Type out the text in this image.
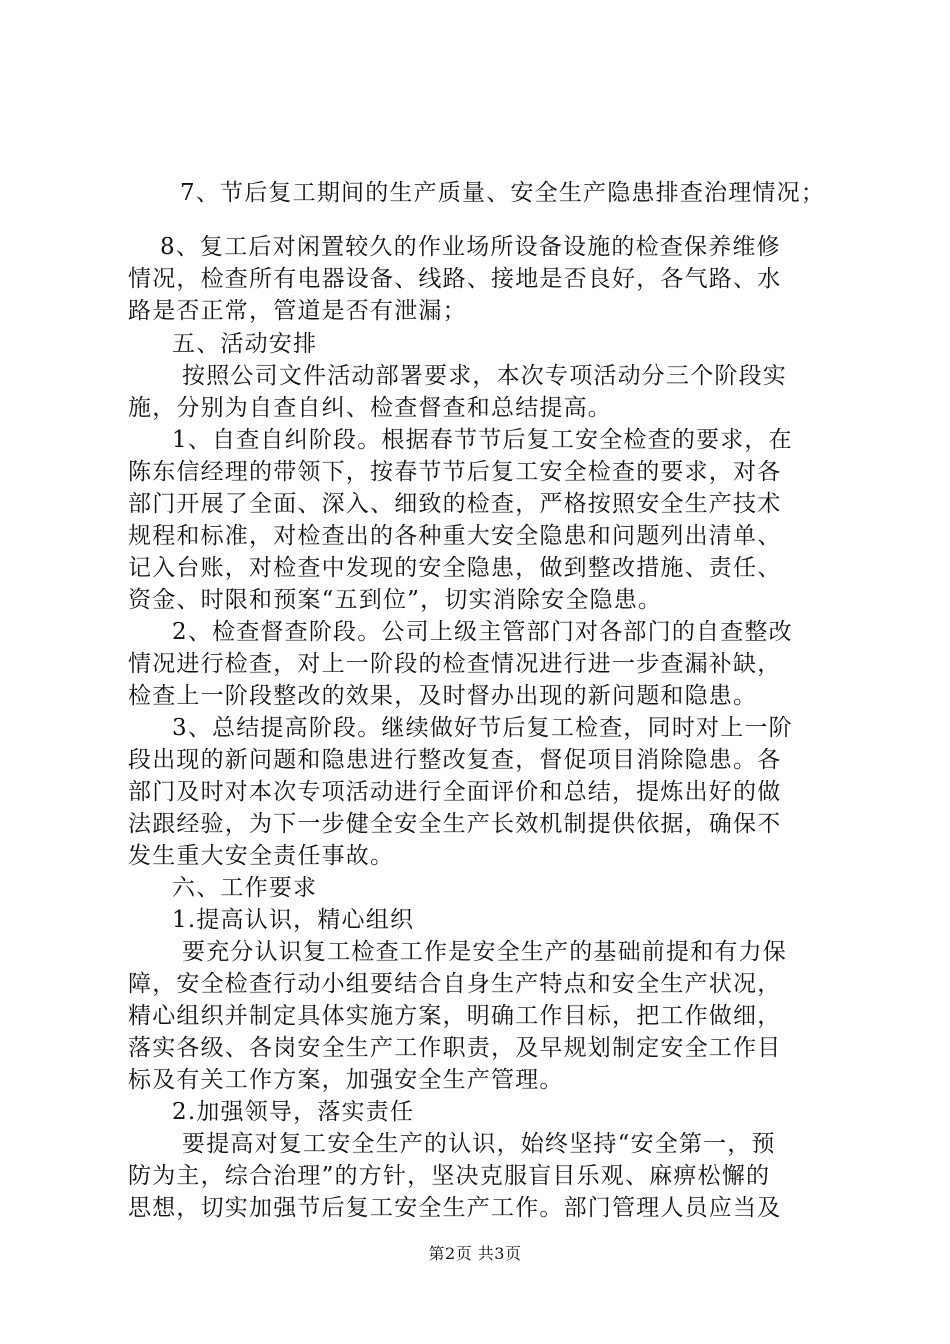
7、节后复工期间的生产质量、安全生产隐患排查治理情况；
8、复工后对闲置较久的作业场所设备设施的检查保养维修
情况，检查所有电器设备、线路、接地是否良好，各气路、水
路是否正常，管道是否有泄漏；
五、活动安排
按照公司文件活动部署要求，本次专项活动分三个阶段实
施，分别为自查自纠、检查督查和总结提高。
1、自查自纠阶段。根据春节节后复工安全检查的要求，在
陈东信经理的带领下，按春节节后复工安全检查的要求，对各
部门开展了全面、深入、细致的检查，严格按照安全生产技术
规程和标准，对检查出的各种重大安全隐患和问题列出清单、
记入台账，对检查中发现的安全隐患，做到整改措施、责任、
资金、时限和预案“五到位”，切实消除安全隐患。
2、检查督查阶段。公司上级主管部门对各部门的自查整改
情况进行检查，对上一阶段的检查情况进行进一步查漏补缺，
检查上一阶段整改的效果，及时督办出现的新问题和隐患。
3、总结提高阶段。继续做好节后复工检查，同时对上一阶
段出现的新问题和隐患进行整改复查，督促项目消除隐患。各
部门及时对本次专项活动进行全面评价和总结，提炼出好的做
法跟经验，为下一步健全安全生产长效机制提供依据，确保不
发生重大安全责任事故。
六、工作要求
1.提高认识，精心组织
要充分认识复工检查工作是安全生产的基础前提和有力保
障，安全检查行动小组要结合自身生产特点和安全生产状况，
精心组织并制定具体实施方案，明确工作目标，把工作做细，
落实各级、各岗安全生产工作职责，及早规划制定安全工作目
标及有关工作方案，加强安全生产管理。
2.加强领导，落实责任
要提高对复工安全生产的认识，始终坚持“安全第一，预
防为主，综合治理”的方针，坚决克服盲目乐观、麻痹松懈的
思想，切实加强节后复工安全生产工作。部门管理人员应当及
第2页 共3页
